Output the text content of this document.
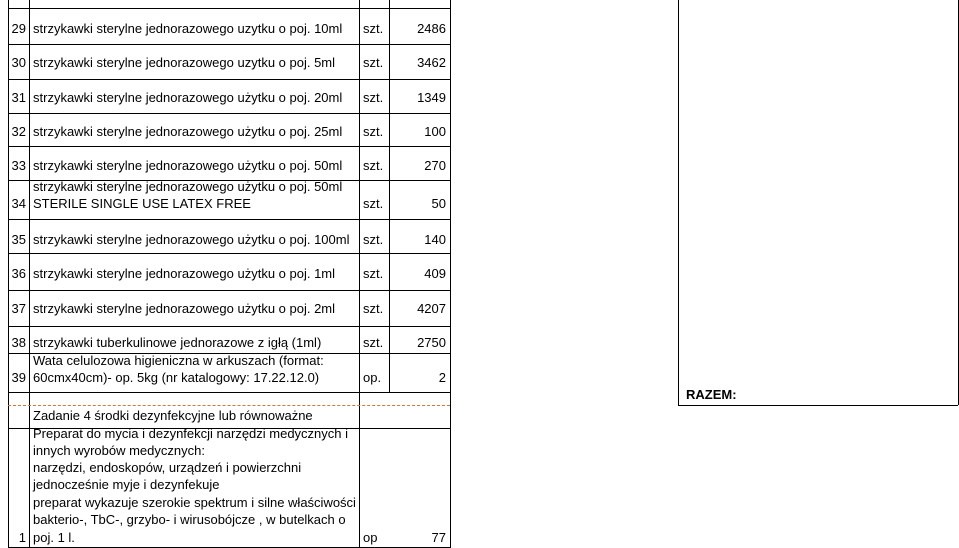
29 strzykawki sterylne jednorazowego uzytku o poj. 10ml szt.	2486
30 strzykawki sterylne jednorazowego uzytku o poj. 5ml szt.	3462
31 strzykawki sterylne jednorazowego użytku o poj. 20ml szt.	1349
32 strzykawki sterylne jednorazowego użytku o poj. 25ml szt.	100
33 strzykawki sterylne jednorazowego użytku o poj. 50ml szt.	270
34
strzykawki sterylne jednorazowego użytku o poj. 50ml
STERILE SINGLE USE LATEX FREE	szt.	50
35 strzykawki sterylne jednorazowego użytku o poj. 100ml szt.	140
36 strzykawki sterylne jednorazowego użytku o poj. 1ml szt.	409
37 strzykawki sterylne jednorazowego użytku o poj. 2ml szt.	4207
38 strzykawki tuberkulinowe jednorazowe z igłą (1ml)	szt.	2750
39
Wata celulozowa higieniczna w arkuszach (format:
60cmx40cm)- op. 5kg (nr katalogowy: 17.22.12.0)	op.	2
RAZEM:
Zadanie 4 środki dezynfekcyjne lub równoważne
1
Preparat do mycia i dezynfekcji narzędzi medycznych i
innych wyrobów medycznych:
narzędzi, endoskopów, urządzeń i powierzchni
jednocześnie myje i dezynfekuje
preparat wykazuje szerokie spektrum i silne właściwości
bakterio-, TbC-, grzybo- i wirusobójcze , w butelkach o
poj. 1 l.	op	77
